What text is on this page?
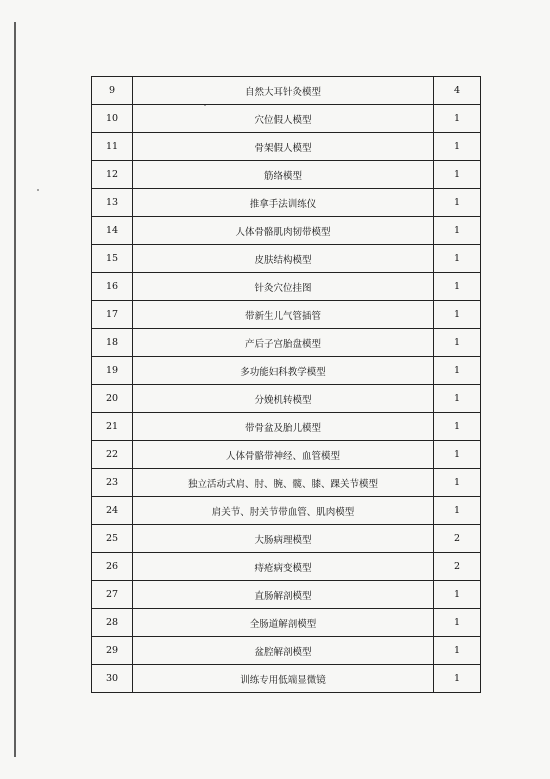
9	自然大耳针灸模型	4
10	穴位假人模型	1
11	骨架假人模型	1
12	筋络模型	1
13	推拿手法训练仪	1
14	人体骨骼肌肉韧带模型	1
15	皮肤结构模型	1
16	针灸穴位挂图	1
17	带新生儿气管插管	1
18	产后子宫胎盘模型	1
19	多功能妇科教学模型	1
20	分娩机转模型	1
21	带骨盆及胎儿模型	1
22	人体骨骼带神经、血管模型	1
23	独立活动式肩、肘、腕、髋、膝、踝关节模型	1
24	肩关节、肘关节带血管、肌肉模型	1
25	大肠病理模型	2
26	痔疮病变模型	2
27	直肠解剖模型	1
28	全肠道解剖模型	1
29	盆腔解剖模型	1
30	训练专用低端显微镜	1
